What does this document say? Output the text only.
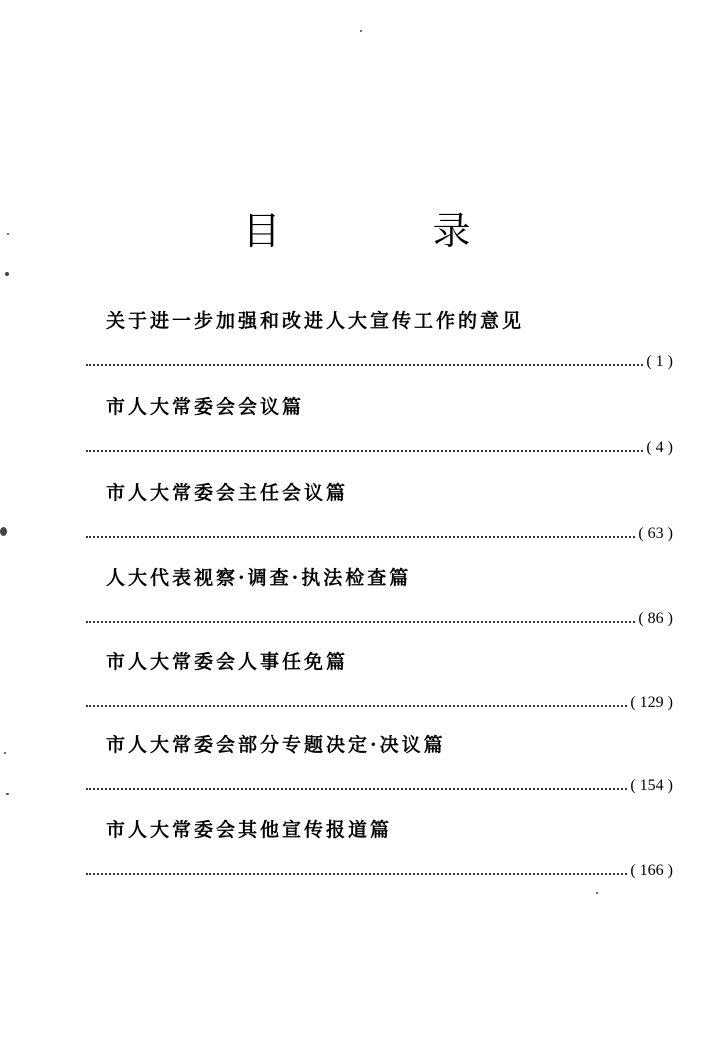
目 录
关于进一步加强和改进人大宣传工作的意见
( 1 )
市人大常委会会议篇
( 4 )
市人大常委会主任会议篇
( 63 )
人大代表视察·调查·执法检查篇
( 86 )
市人大常委会人事任免篇
( 129 )
市人大常委会部分专题决定·决议篇
( 154 )
市人大常委会其他宣传报道篇
( 166 )
